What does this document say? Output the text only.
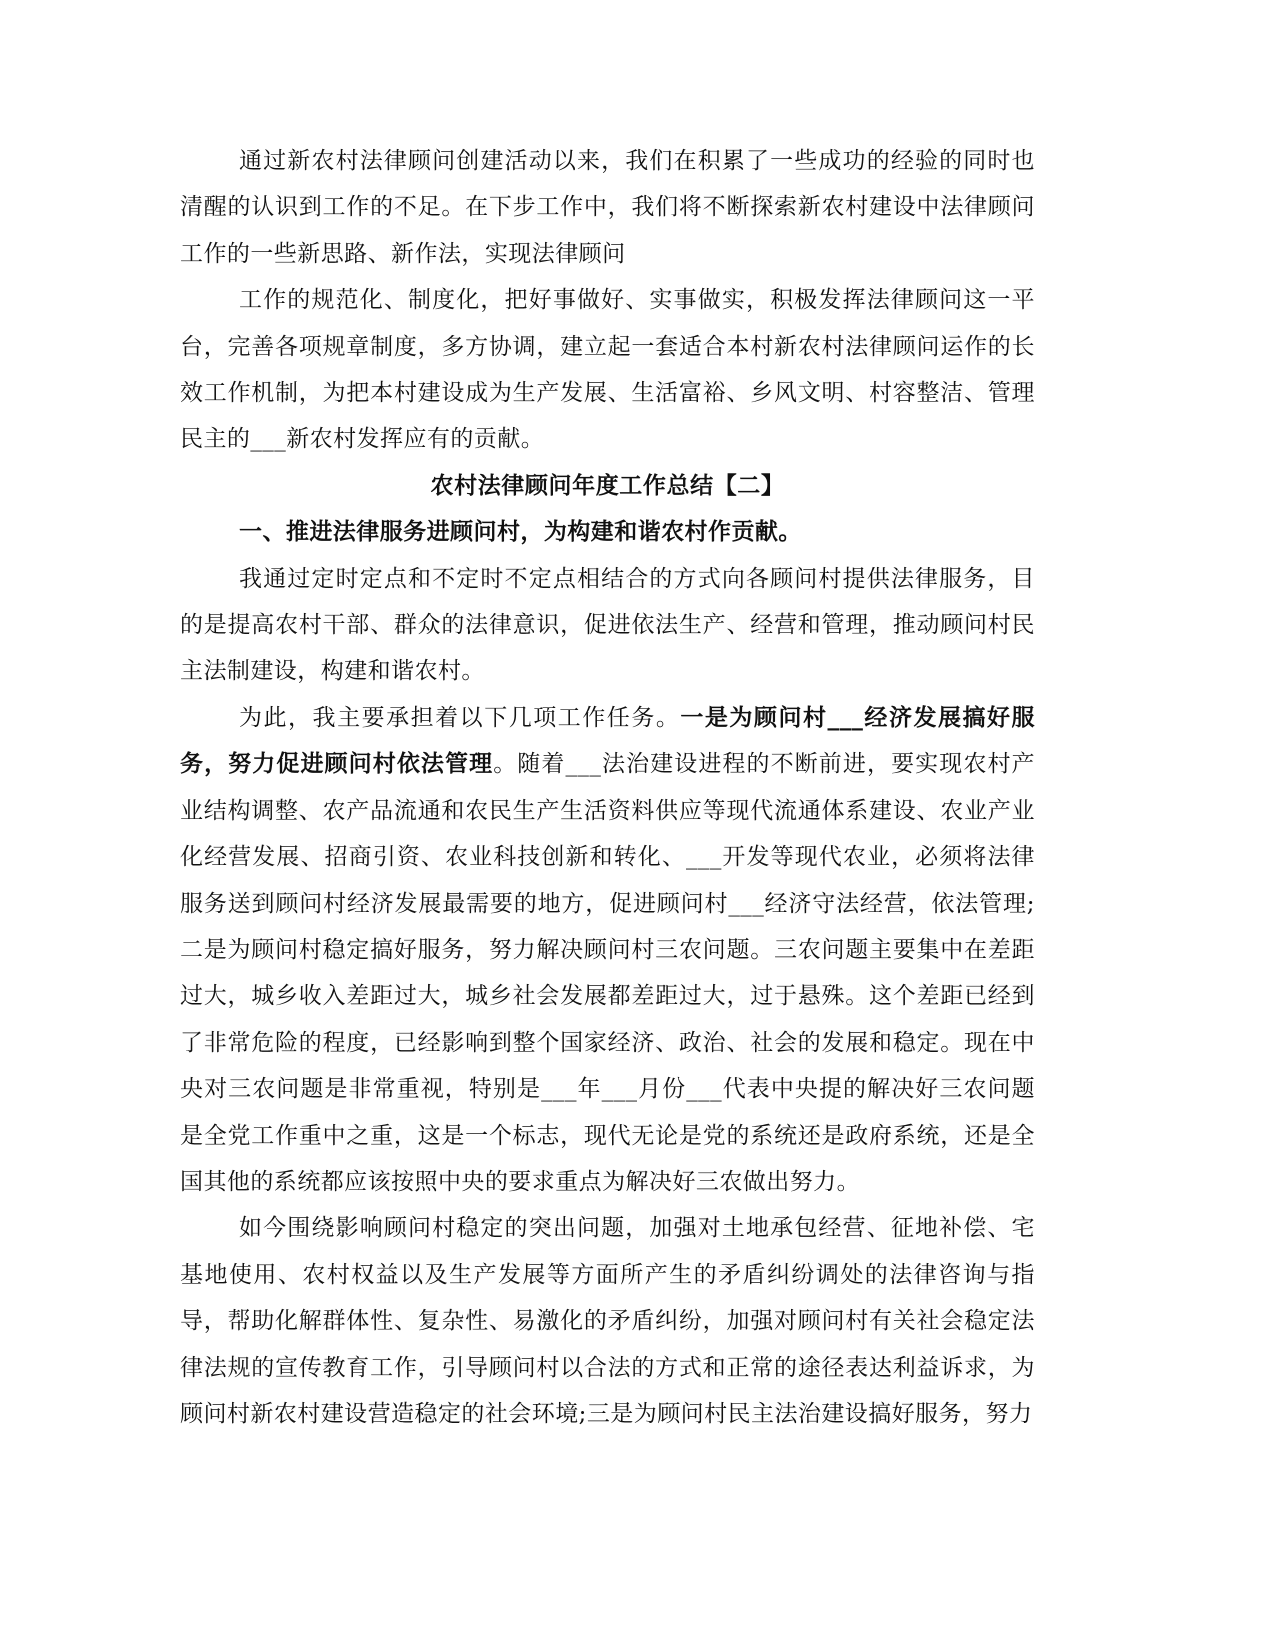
通过新农村法律顾问创建活动以来，我们在积累了一些成功的经验的同时也清醒的认识到工作的不足。在下步工作中，我们将不断探索新农村建设中法律顾问工作的一些新思路、新作法，实现法律顾问

工作的规范化、制度化，把好事做好、实事做实，积极发挥法律顾问这一平台，完善各项规章制度，多方协调，建立起一套适合本村新农村法律顾问运作的长效工作机制，为把本村建设成为生产发展、生活富裕、乡风文明、村容整洁、管理民主的___新农村发挥应有的贡献。

农村法律顾问年度工作总结【二】

一、推进法律服务进顾问村，为构建和谐农村作贡献。

我通过定时定点和不定时不定点相结合的方式向各顾问村提供法律服务，目的是提高农村干部、群众的法律意识，促进依法生产、经营和管理，推动顾问村民主法制建设，构建和谐农村。

为此，我主要承担着以下几项工作任务。一是为顾问村___经济发展搞好服务，努力促进顾问村依法管理。随着___法治建设进程的不断前进，要实现农村产业结构调整、农产品流通和农民生产生活资料供应等现代流通体系建设、农业产业化经营发展、招商引资、农业科技创新和转化、___开发等现代农业，必须将法律服务送到顾问村经济发展最需要的地方，促进顾问村___经济守法经营，依法管理;二是为顾问村稳定搞好服务，努力解决顾问村三农问题。三农问题主要集中在差距过大，城乡收入差距过大，城乡社会发展都差距过大，过于悬殊。这个差距已经到了非常危险的程度，已经影响到整个国家经济、政治、社会的发展和稳定。现在中央对三农问题是非常重视，特别是___年___月份___代表中央提的解决好三农问题是全党工作重中之重，这是一个标志，现代无论是党的系统还是政府系统，还是全国其他的系统都应该按照中央的要求重点为解决好三农做出努力。

如今围绕影响顾问村稳定的突出问题，加强对土地承包经营、征地补偿、宅基地使用、农村权益以及生产发展等方面所产生的矛盾纠纷调处的法律咨询与指导，帮助化解群体性、复杂性、易激化的矛盾纠纷，加强对顾问村有关社会稳定法律法规的宣传教育工作，引导顾问村以合法的方式和正常的途径表达利益诉求，为顾问村新农村建设营造稳定的社会环境;三是为顾问村民主法治建设搞好服务，努力
